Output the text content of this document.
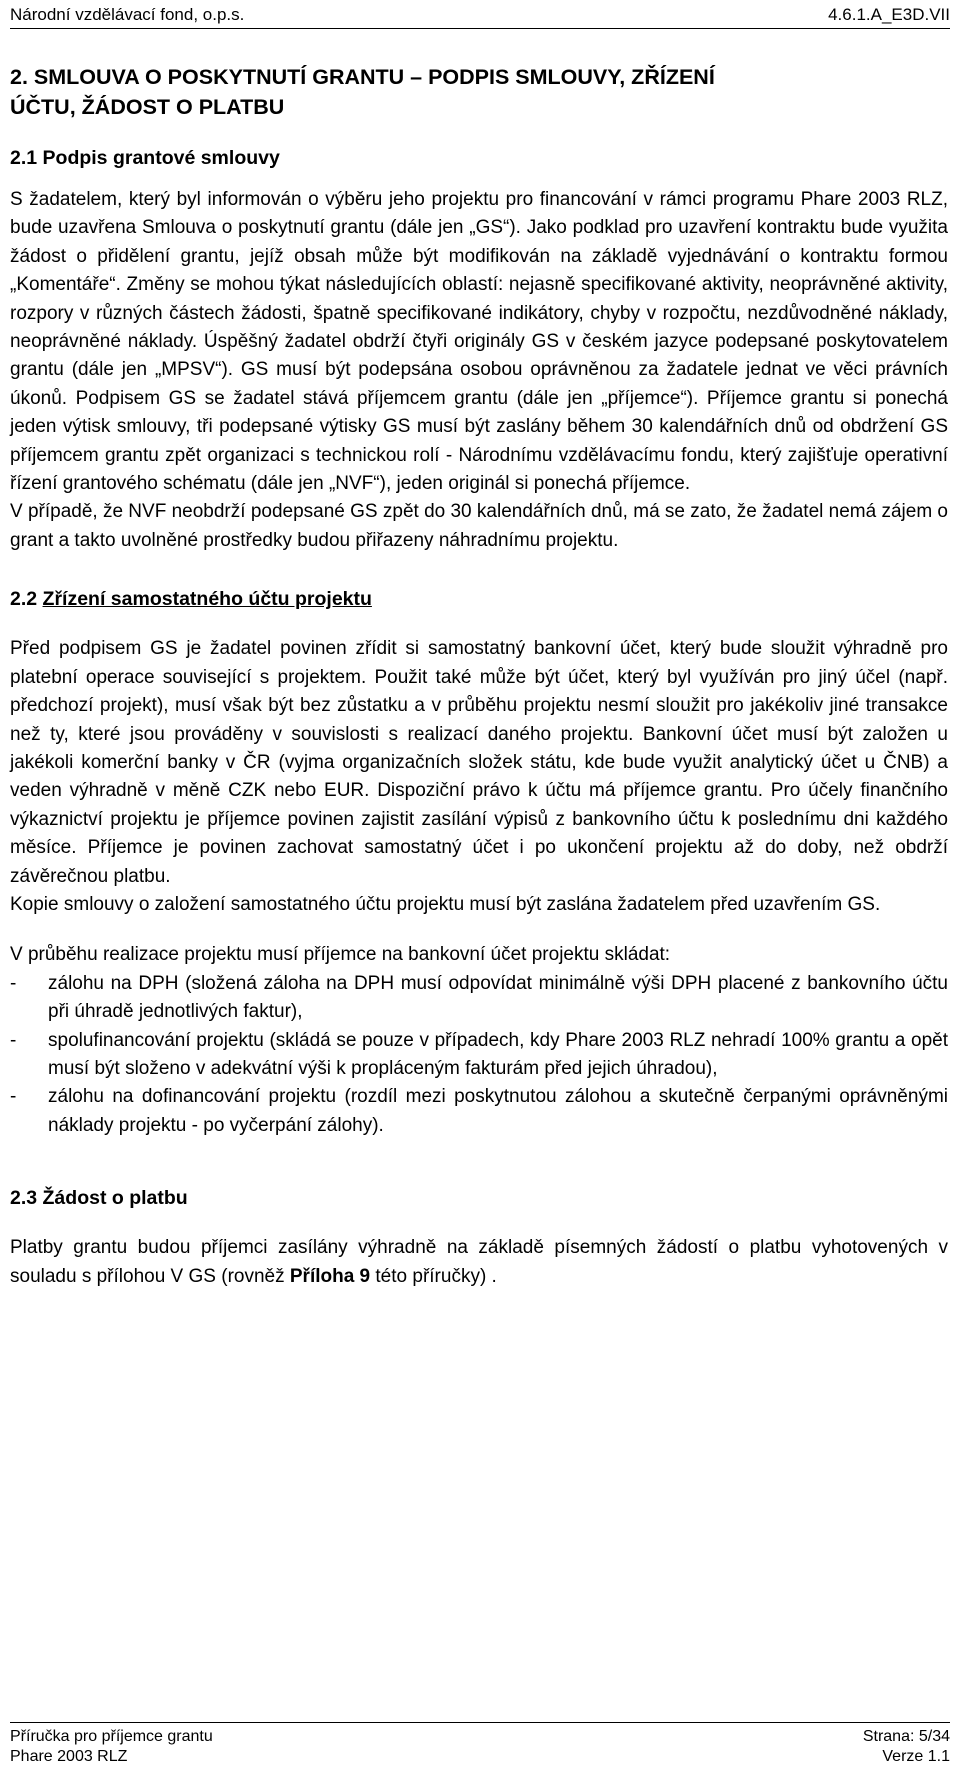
Národní vzdělávací fond, o.p.s.	4.6.1.A_E3D.VII
2. SMLOUVA O POSKYTNUTÍ GRANTU – PODPIS SMLOUVY, ZŘÍZENÍ
ÚČTU, ŽÁDOST O PLATBU
2.1 Podpis grantové smlouvy

S žadatelem, který byl informován o výběru jeho projektu pro financování v rámci programu Phare 2003 RLZ, bude uzavřena Smlouva o poskytnutí grantu (dále jen „GS“). Jako podklad pro uzavření kontraktu bude využita žádost o přidělení grantu, jejíž obsah může být modifikován na základě vyjednávání o kontraktu formou „Komentáře“. Změny se mohou týkat následujících oblastí: nejasně specifikované aktivity, neoprávněné aktivity, rozpory v různých částech žádosti, špatně specifikované indikátory, chyby v rozpočtu, nezdůvodněné náklady, neoprávněné náklady. Úspěšný žadatel obdrží čtyři originály GS v českém jazyce podepsané poskytovatelem grantu (dále jen „MPSV“). GS musí být podepsána osobou oprávněnou za žadatele jednat ve věci právních úkonů. Podpisem GS se žadatel stává příjemcem grantu (dále jen „příjemce“). Příjemce grantu si ponechá jeden výtisk smlouvy, tři podepsané výtisky GS musí být zaslány během 30 kalendářních dnů od obdržení GS příjemcem grantu zpět organizaci s technickou rolí - Národnímu vzdělávacímu fondu, který zajišťuje operativní řízení grantového schématu (dále jen „NVF“), jeden originál si ponechá příjemce.

V případě, že NVF neobdrží podepsané GS zpět do 30 kalendářních dnů, má se zato, že žadatel nemá zájem o grant a takto uvolněné prostředky budou přiřazeny náhradnímu projektu.

2.2 Zřízení samostatného účtu projektu

Před podpisem GS je žadatel povinen zřídit si samostatný bankovní účet, který bude sloužit výhradně pro platební operace související s projektem. Použit také může být účet, který byl využíván pro jiný účel (např. předchozí projekt), musí však být bez zůstatku a v průběhu projektu nesmí sloužit pro jakékoliv jiné transakce než ty, které jsou prováděny v souvislosti s realizací daného projektu. Bankovní účet musí být založen u jakékoli komerční banky v ČR (vyjma organizačních složek státu, kde bude využit analytický účet u ČNB) a veden výhradně v měně CZK nebo EUR. Dispoziční právo k účtu má příjemce grantu. Pro účely finančního výkaznictví projektu je příjemce povinen zajistit zasílání výpisů z bankovního účtu k poslednímu dni každého měsíce. Příjemce je povinen zachovat samostatný účet i po ukončení projektu až do doby, než obdrží závěrečnou platbu.

Kopie smlouvy o založení samostatného účtu projektu musí být zaslána žadatelem před uzavřením GS.

V průběhu realizace projektu musí příjemce na bankovní účet projektu skládat:

- zálohu na DPH (složená záloha na DPH musí odpovídat minimálně výši DPH placené z bankovního účtu při úhradě jednotlivých faktur),
- spolufinancování projektu (skládá se pouze v případech, kdy Phare 2003 RLZ nehradí 100% grantu a opět musí být složeno v adekvátní výši k propláceným fakturám před jejich úhradou),
- zálohu na dofinancování projektu (rozdíl mezi poskytnutou zálohou a skutečně čerpanými oprávněnými náklady projektu - po vyčerpání zálohy).
2.3 Žádost o platbu

Platby grantu budou příjemci zasílány výhradně na základě písemných žádostí o platbu vyhotovených v souladu s přílohou V GS (rovněž Příloha 9 této příručky) .

Příručka pro příjemce grantu
Phare 2003 RLZ
Strana: 5/34
Verze 1.1
